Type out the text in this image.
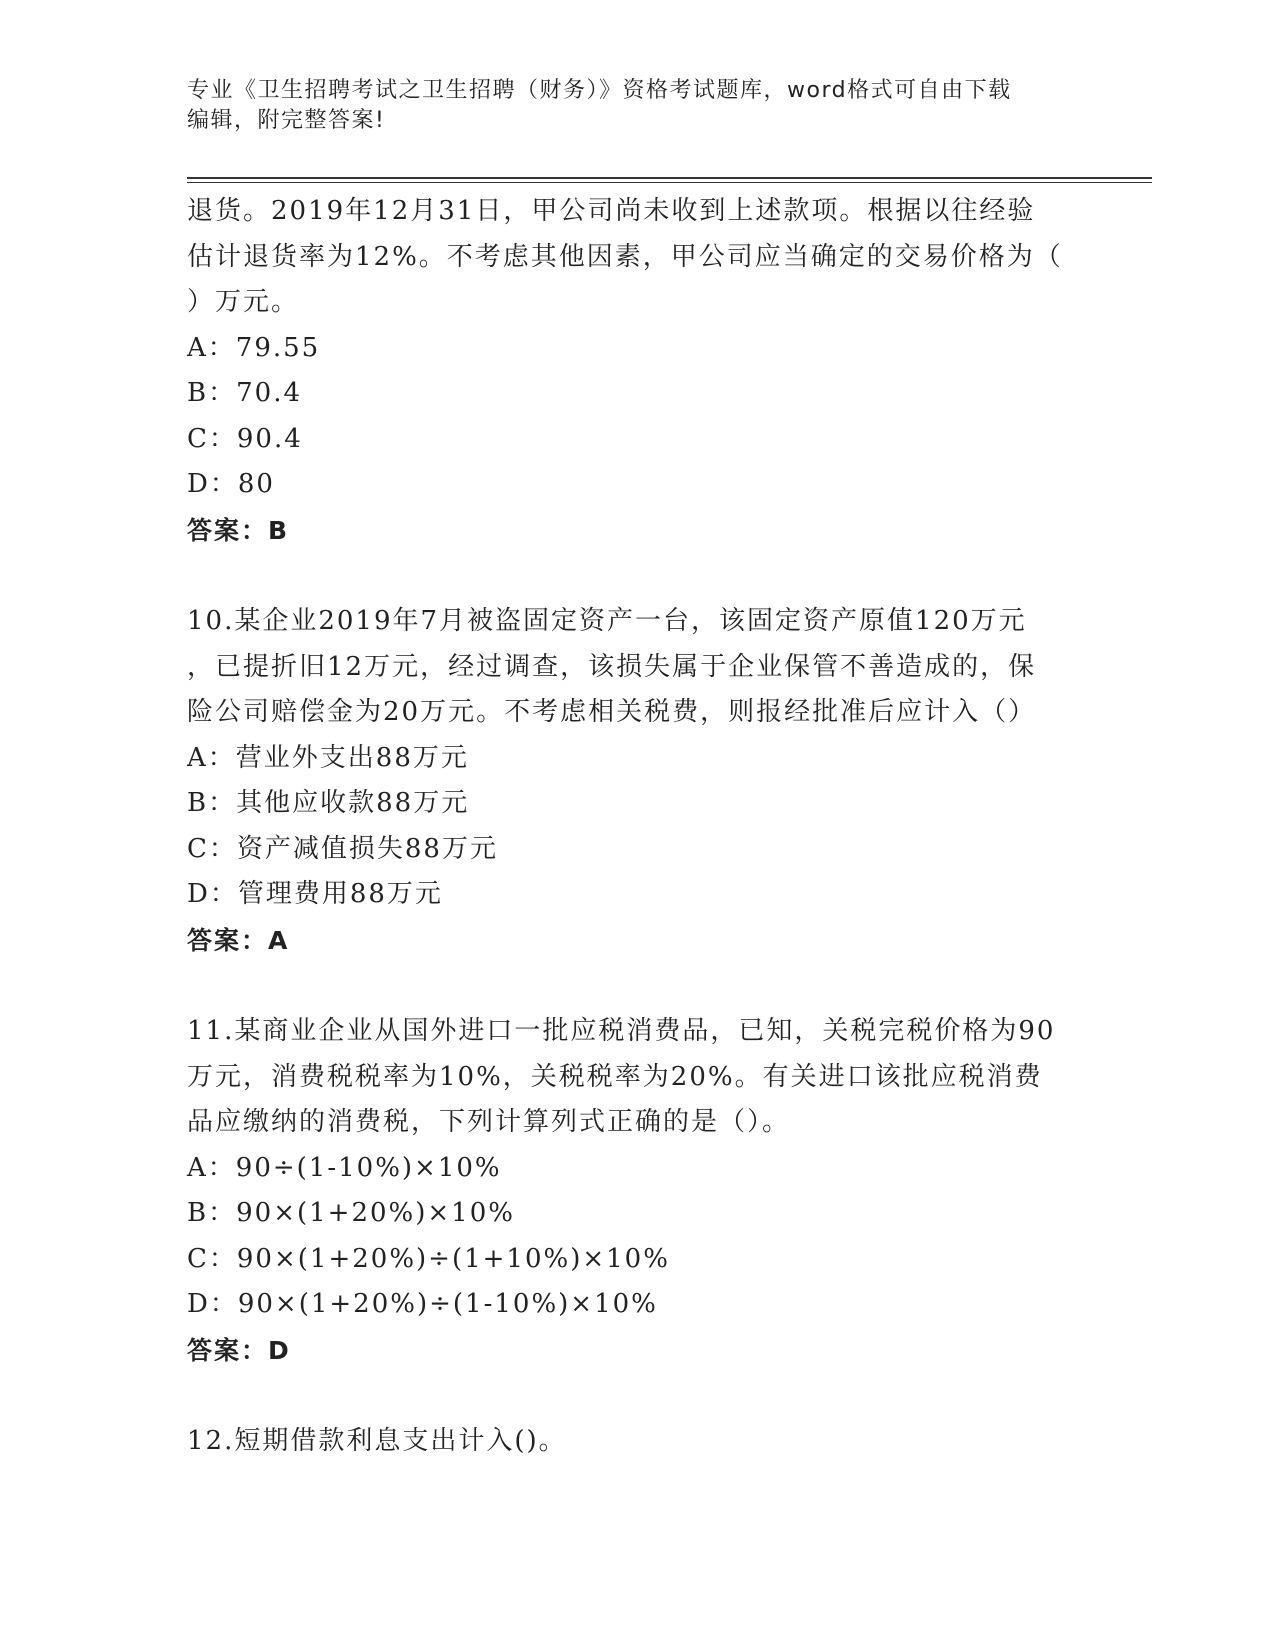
专业《卫生招聘考试之卫生招聘（财务）》资格考试题库，word格式可自由下载
编辑，附完整答案!
退货。2019年12月31日，甲公司尚未收到上述款项。根据以往经验
估计退货率为12%。不考虑其他因素，甲公司应当确定的交易价格为（
）万元。
A：79.55
B：70.4
C：90.4
D：80
答案：B
10.某企业2019年7月被盗固定资产一台，该固定资产原值120万元
，已提折旧12万元，经过调查，该损失属于企业保管不善造成的，保
险公司赔偿金为20万元。不考虑相关税费，则报经批准后应计入（）
A：营业外支出88万元
B：其他应收款88万元
C：资产减值损失88万元
D：管理费用88万元
答案：A
11.某商业企业从国外进口一批应税消费品，已知，关税完税价格为90
万元，消费税税率为10%，关税税率为20%。有关进口该批应税消费
品应缴纳的消费税，下列计算列式正确的是（）。
A：90÷(1-10%)×10%
B：90×(1+20%)×10%
C：90×(1+20%)÷(1+10%)×10%
D：90×(1+20%)÷(1-10%)×10%
答案：D
12.短期借款利息支出计入()。
